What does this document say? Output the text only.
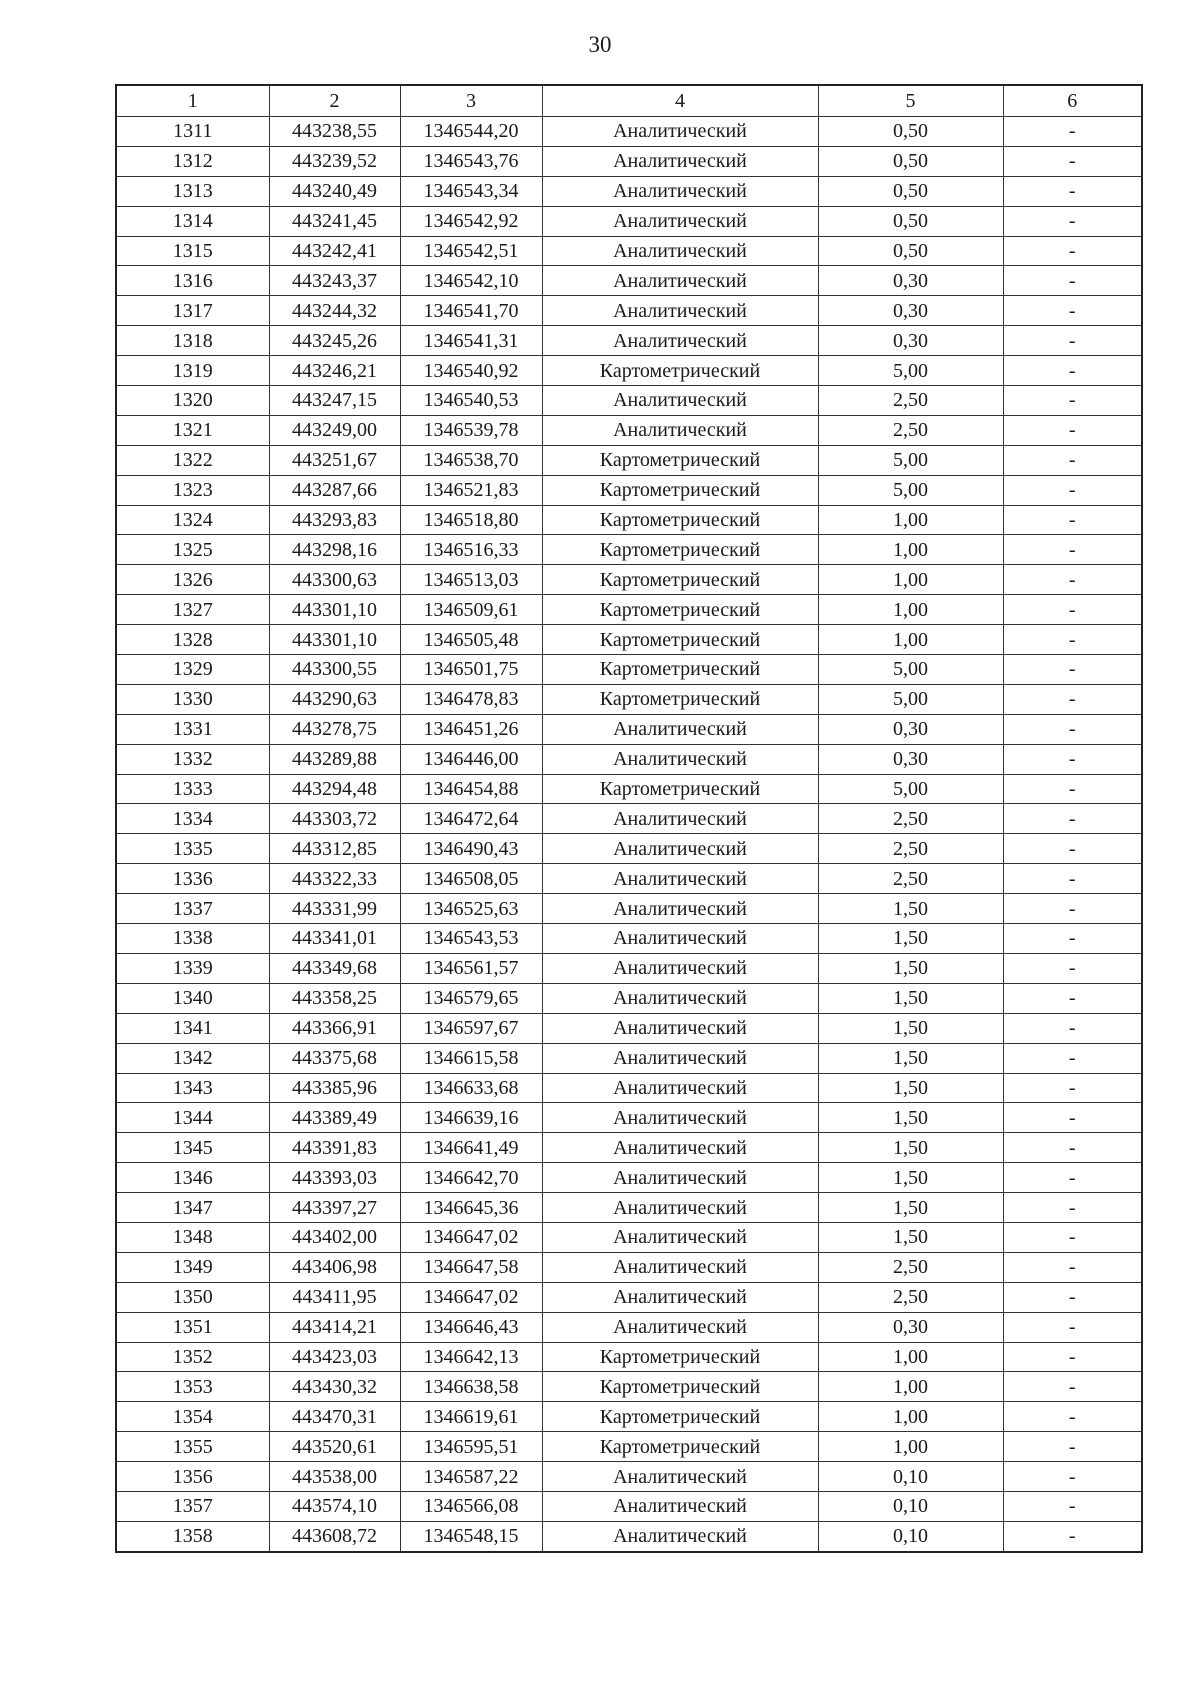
30
1	2	3	4	5	6
1311	443238,55	1346544,20	Аналитический	0,50	-
1312	443239,52	1346543,76	Аналитический	0,50	-
1313	443240,49	1346543,34	Аналитический	0,50	-
1314	443241,45	1346542,92	Аналитический	0,50	-
1315	443242,41	1346542,51	Аналитический	0,50	-
1316	443243,37	1346542,10	Аналитический	0,30	-
1317	443244,32	1346541,70	Аналитический	0,30	-
1318	443245,26	1346541,31	Аналитический	0,30	-
1319	443246,21	1346540,92	Картометрический	5,00	-
1320	443247,15	1346540,53	Аналитический	2,50	-
1321	443249,00	1346539,78	Аналитический	2,50	-
1322	443251,67	1346538,70	Картометрический	5,00	-
1323	443287,66	1346521,83	Картометрический	5,00	-
1324	443293,83	1346518,80	Картометрический	1,00	-
1325	443298,16	1346516,33	Картометрический	1,00	-
1326	443300,63	1346513,03	Картометрический	1,00	-
1327	443301,10	1346509,61	Картометрический	1,00	-
1328	443301,10	1346505,48	Картометрический	1,00	-
1329	443300,55	1346501,75	Картометрический	5,00	-
1330	443290,63	1346478,83	Картометрический	5,00	-
1331	443278,75	1346451,26	Аналитический	0,30	-
1332	443289,88	1346446,00	Аналитический	0,30	-
1333	443294,48	1346454,88	Картометрический	5,00	-
1334	443303,72	1346472,64	Аналитический	2,50	-
1335	443312,85	1346490,43	Аналитический	2,50	-
1336	443322,33	1346508,05	Аналитический	2,50	-
1337	443331,99	1346525,63	Аналитический	1,50	-
1338	443341,01	1346543,53	Аналитический	1,50	-
1339	443349,68	1346561,57	Аналитический	1,50	-
1340	443358,25	1346579,65	Аналитический	1,50	-
1341	443366,91	1346597,67	Аналитический	1,50	-
1342	443375,68	1346615,58	Аналитический	1,50	-
1343	443385,96	1346633,68	Аналитический	1,50	-
1344	443389,49	1346639,16	Аналитический	1,50	-
1345	443391,83	1346641,49	Аналитический	1,50	-
1346	443393,03	1346642,70	Аналитический	1,50	-
1347	443397,27	1346645,36	Аналитический	1,50	-
1348	443402,00	1346647,02	Аналитический	1,50	-
1349	443406,98	1346647,58	Аналитический	2,50	-
1350	443411,95	1346647,02	Аналитический	2,50	-
1351	443414,21	1346646,43	Аналитический	0,30	-
1352	443423,03	1346642,13	Картометрический	1,00	-
1353	443430,32	1346638,58	Картометрический	1,00	-
1354	443470,31	1346619,61	Картометрический	1,00	-
1355	443520,61	1346595,51	Картометрический	1,00	-
1356	443538,00	1346587,22	Аналитический	0,10	-
1357	443574,10	1346566,08	Аналитический	0,10	-
1358	443608,72	1346548,15	Аналитический	0,10	-
